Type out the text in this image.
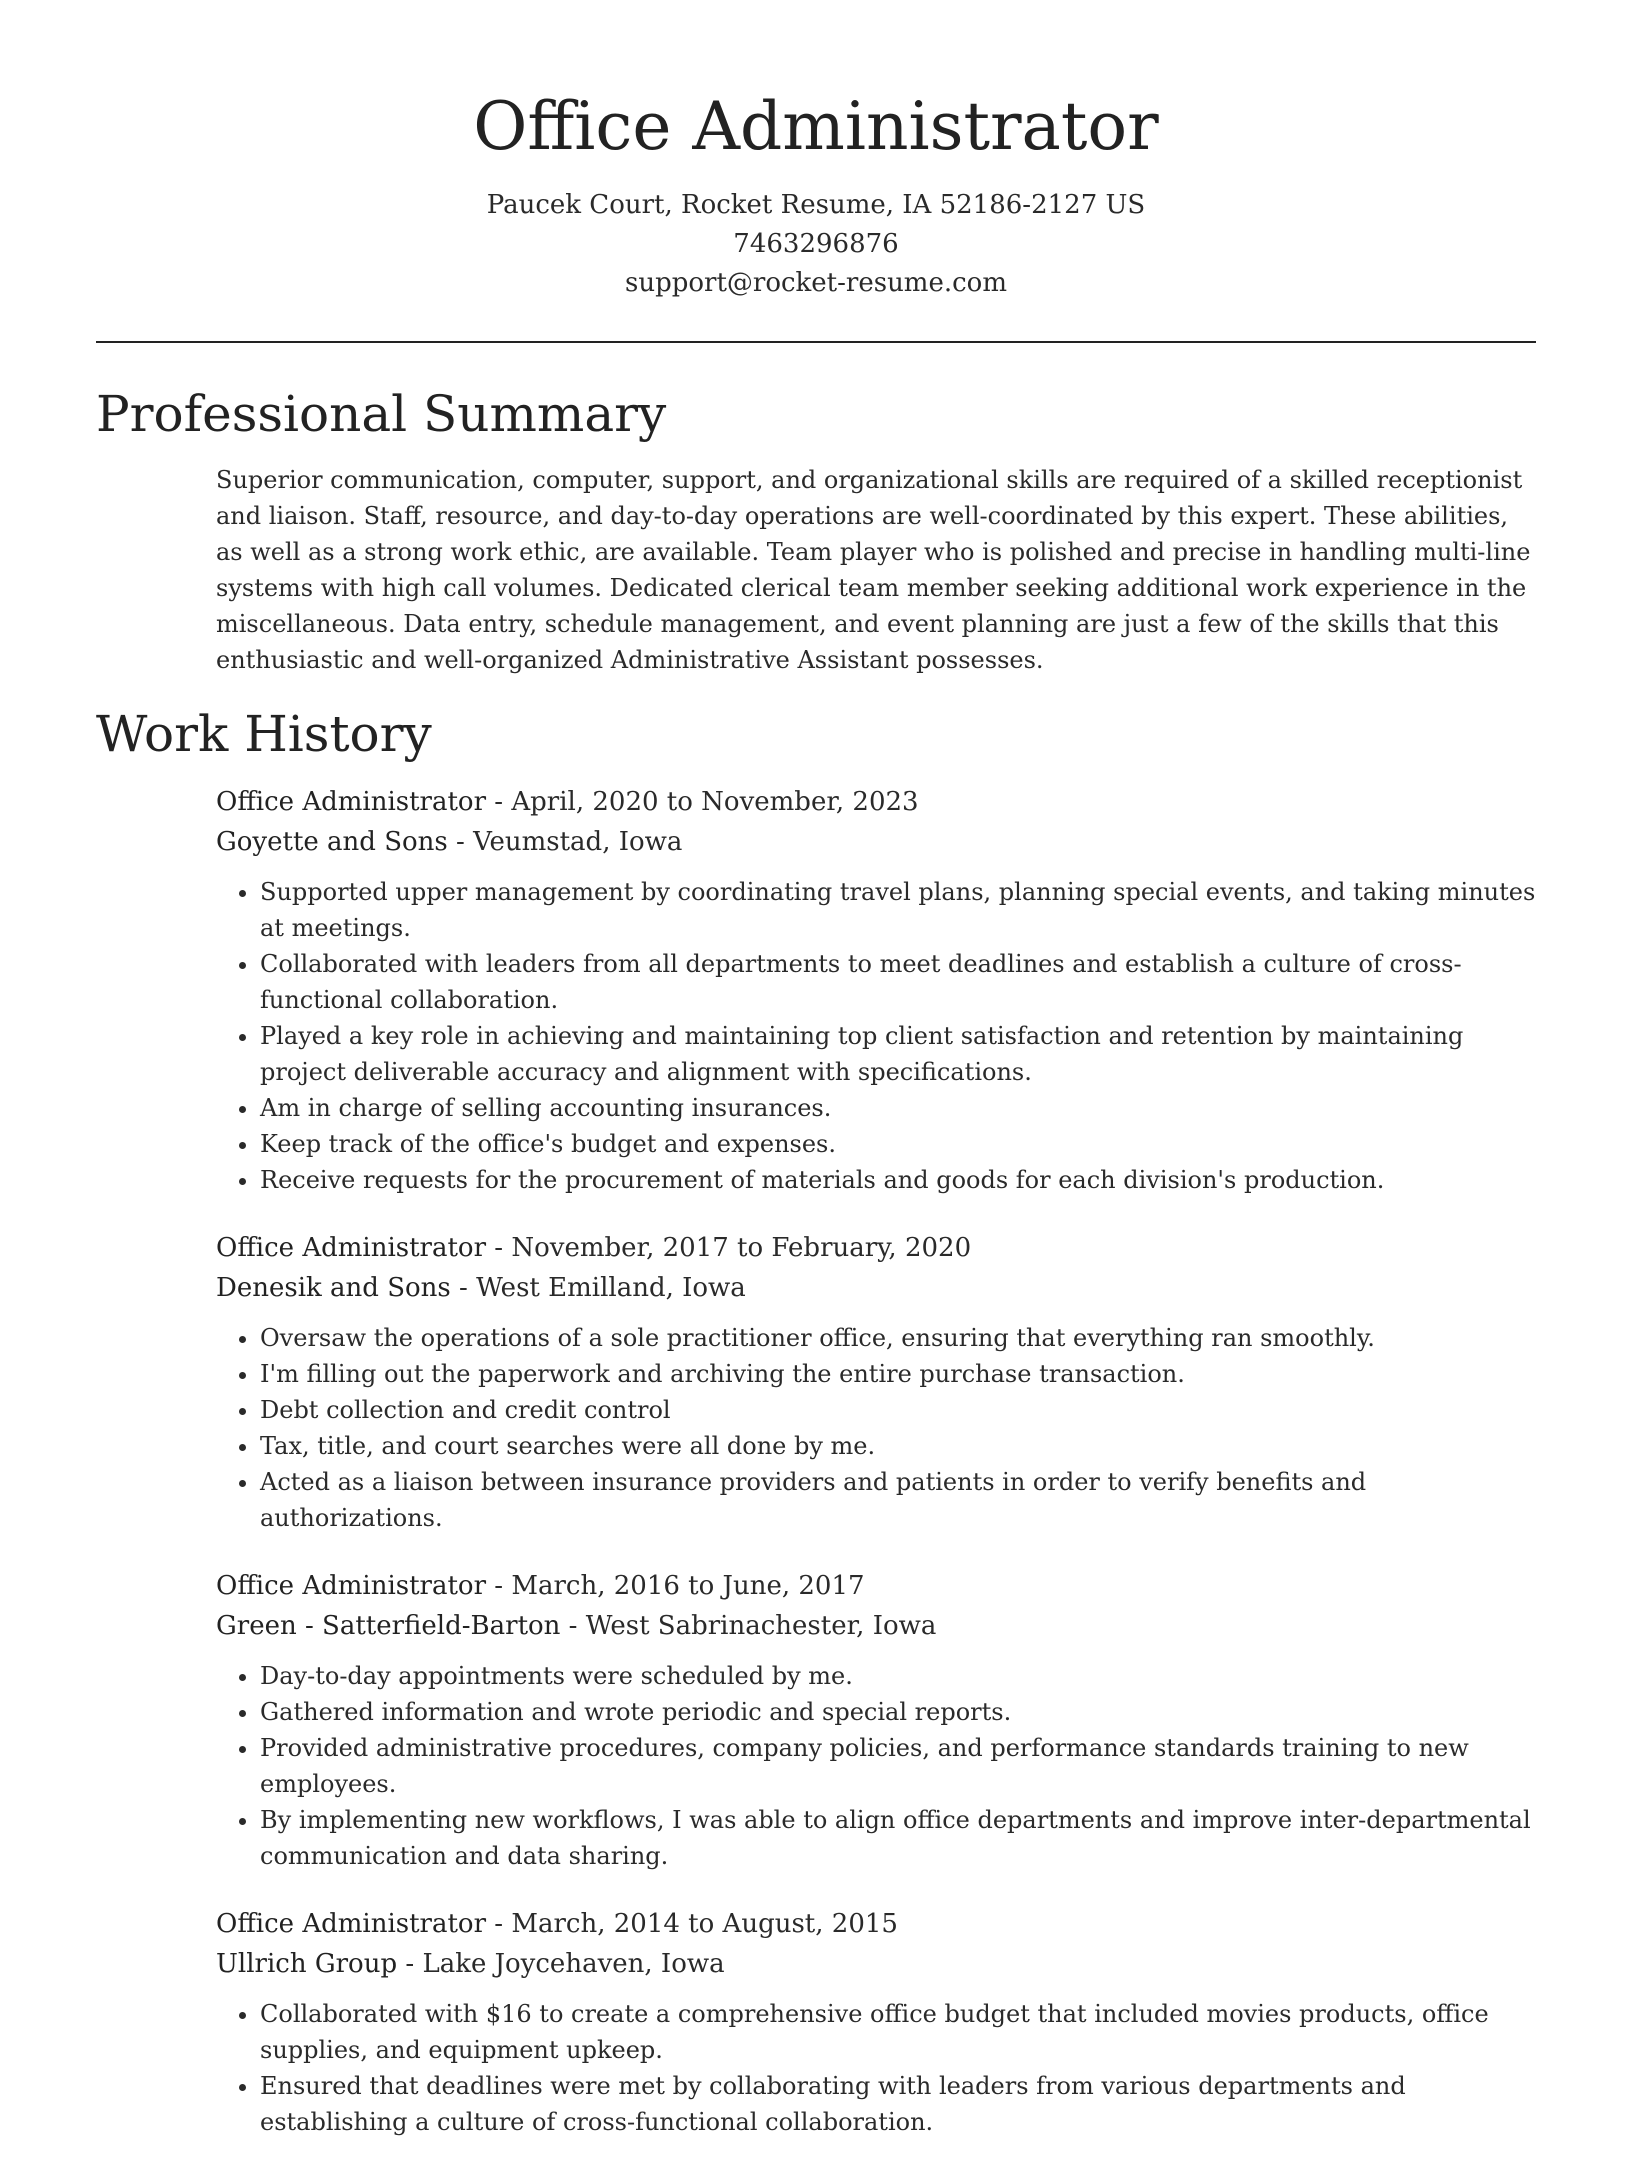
Office Administrator
Paucek Court, Rocket Resume, IA 52186-2127 US
7463296876
support@rocket-resume.com
Professional Summary
Superior communication, computer, support, and organizational skills are required of a skilled receptionist and liaison. Staff, resource, and day-to-day operations are well-coordinated by this expert. These abilities, as well as a strong work ethic, are available. Team player who is polished and precise in handling multi-line systems with high call volumes. Dedicated clerical team member seeking additional work experience in the miscellaneous. Data entry, schedule management, and event planning are just a few of the skills that this enthusiastic and well-organized Administrative Assistant possesses.
Work History
Office Administrator - April, 2020 to November, 2023
Goyette and Sons - Veumstad, Iowa
• Supported upper management by coordinating travel plans, planning special events, and taking minutes at meetings.
• Collaborated with leaders from all departments to meet deadlines and establish a culture of cross-functional collaboration.
• Played a key role in achieving and maintaining top client satisfaction and retention by maintaining project deliverable accuracy and alignment with specifications.
• Am in charge of selling accounting insurances.
• Keep track of the office's budget and expenses.
• Receive requests for the procurement of materials and goods for each division's production.
Office Administrator - November, 2017 to February, 2020
Denesik and Sons - West Emilland, Iowa
• Oversaw the operations of a sole practitioner office, ensuring that everything ran smoothly.
• I'm filling out the paperwork and archiving the entire purchase transaction.
• Debt collection and credit control
• Tax, title, and court searches were all done by me.
• Acted as a liaison between insurance providers and patients in order to verify benefits and authorizations.
Office Administrator - March, 2016 to June, 2017
Green - Satterfield-Barton - West Sabrinachester, Iowa
• Day-to-day appointments were scheduled by me.
• Gathered information and wrote periodic and special reports.
• Provided administrative procedures, company policies, and performance standards training to new employees.
• By implementing new workflows, I was able to align office departments and improve inter-departmental communication and data sharing.
Office Administrator - March, 2014 to August, 2015
Ullrich Group - Lake Joycehaven, Iowa
• Collaborated with $16 to create a comprehensive office budget that included movies products, office supplies, and equipment upkeep.
• Ensured that deadlines were met by collaborating with leaders from various departments and establishing a culture of cross-functional collaboration.
